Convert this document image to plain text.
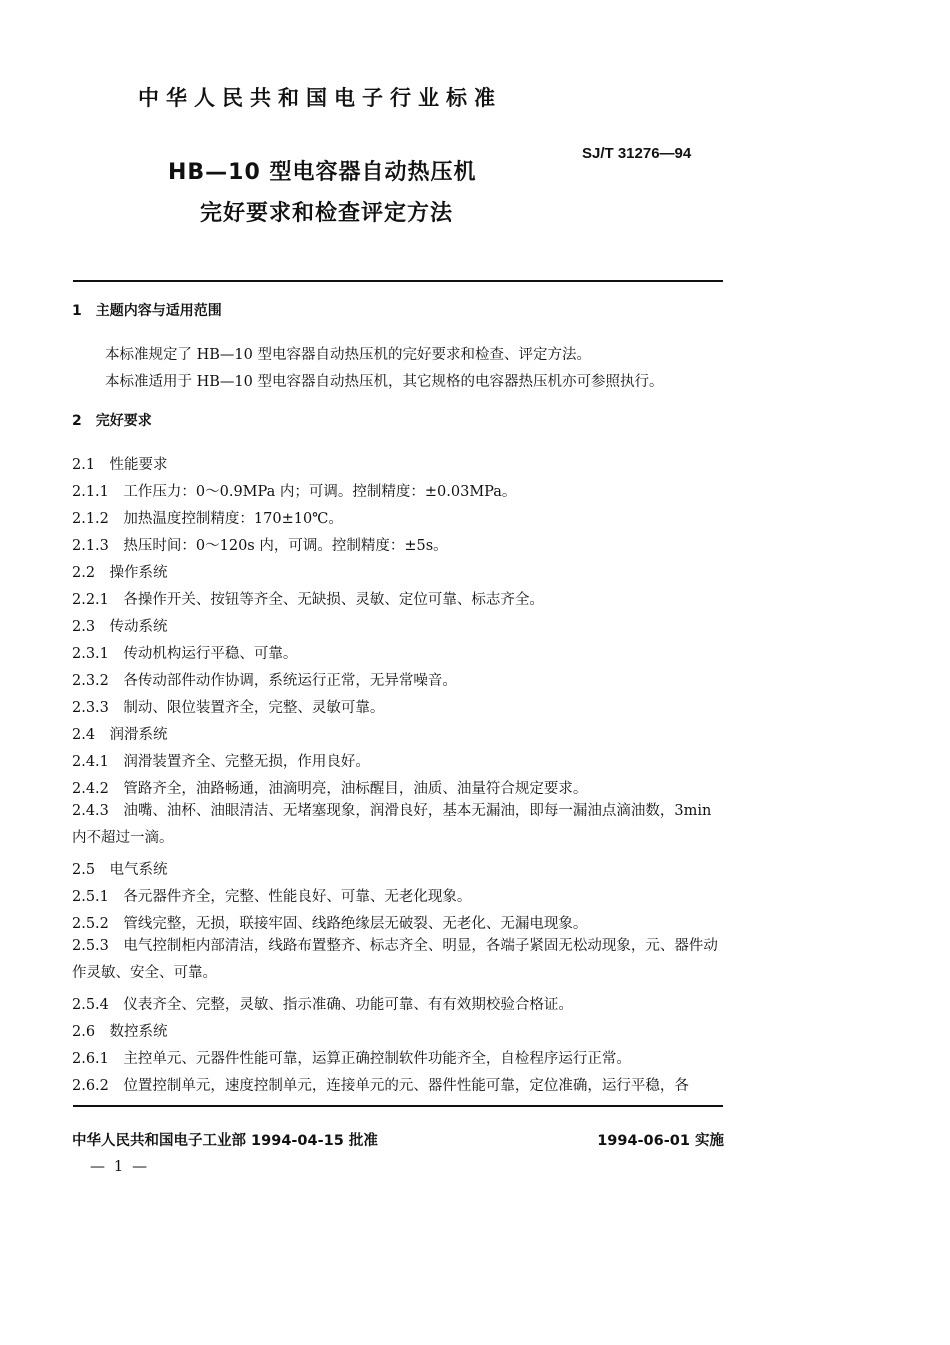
中华人民共和国电子行业标准
SJ/T 31276—94
HB—10 型电容器自动热压机
完好要求和检查评定方法
1　主题内容与适用范围
本标准规定了 HB—10 型电容器自动热压机的完好要求和检查、评定方法。
本标准适用于 HB—10 型电容器自动热压机，其它规格的电容器热压机亦可参照执行。
2　完好要求
2.1　性能要求
2.1.1　工作压力：0～0.9MPa 内；可调。控制精度：±0.03MPa。
2.1.2　加热温度控制精度：170±10℃。
2.1.3　热压时间：0～120s 内，可调。控制精度：±5s。
2.2　操作系统
2.2.1　各操作开关、按钮等齐全、无缺损、灵敏、定位可靠、标志齐全。
2.3　传动系统
2.3.1　传动机构运行平稳、可靠。
2.3.2　各传动部件动作协调，系统运行正常，无异常噪音。
2.3.3　制动、限位装置齐全，完整、灵敏可靠。
2.4　润滑系统
2.4.1　润滑装置齐全、完整无损，作用良好。
2.4.2　管路齐全，油路畅通，油滴明亮，油标醒目，油质、油量符合规定要求。
2.4.3　油嘴、油杯、油眼清洁、无堵塞现象，润滑良好，基本无漏油，即每一漏油点滴油数，3min 内不超过一滴。
2.5　电气系统
2.5.1　各元器件齐全，完整、性能良好、可靠、无老化现象。
2.5.2　管线完整，无损，联接牢固、线路绝缘层无破裂、无老化、无漏电现象。
2.5.3　电气控制柜内部清洁，线路布置整齐、标志齐全、明显，各端子紧固无松动现象，元、器件动作灵敏、安全、可靠。
2.5.4　仪表齐全、完整，灵敏、指示准确、功能可靠、有有效期校验合格证。
2.6　数控系统
2.6.1　主控单元、元器件性能可靠，运算正确控制软件功能齐全，自检程序运行正常。
2.6.2　位置控制单元，速度控制单元，连接单元的元、器件性能可靠，定位准确，运行平稳，各
中华人民共和国电子工业部 1994-04-15 批准	1994-06-01 实施
— 1 —
